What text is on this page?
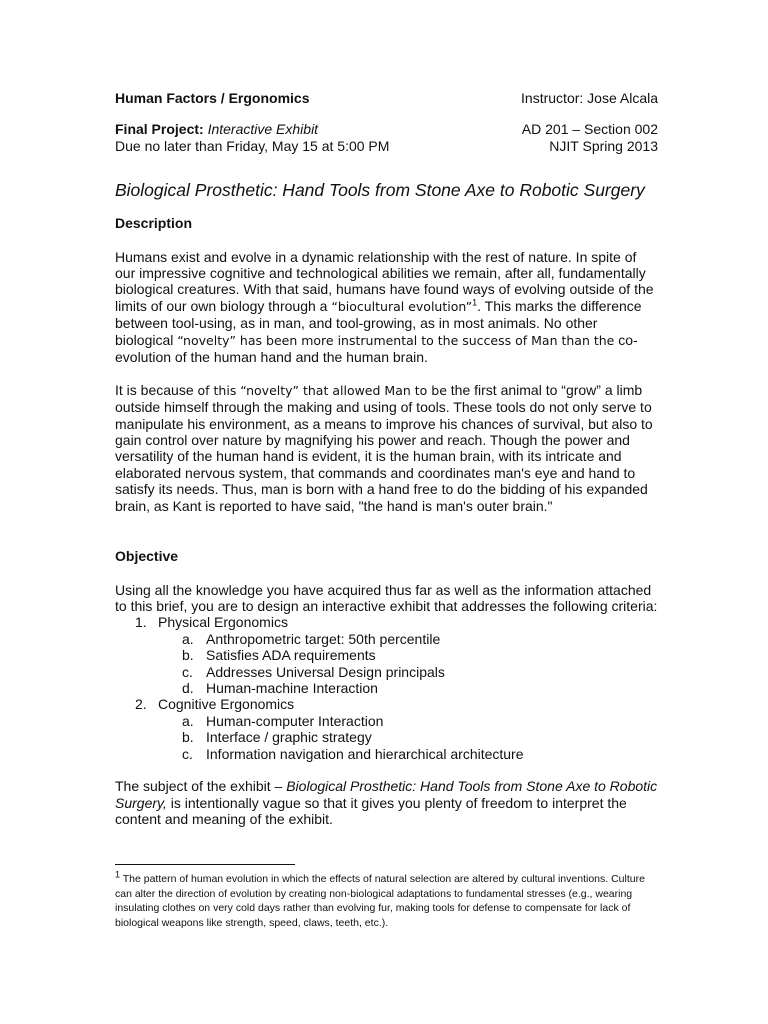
Human Factors / Ergonomics	Instructor: Jose Alcala
Final Project: Interactive Exhibit
Due no later than Friday, May 15 at 5:00 PM
AD 201 – Section 002
NJIT Spring 2013
Biological Prosthetic: Hand Tools from Stone Axe to Robotic Surgery
Description

Humans exist and evolve in a dynamic relationship with the rest of nature. In spite of our impressive cognitive and technological abilities we remain, after all, fundamentally biological creatures. With that said, humans have found ways of evolving outside of the limits of our own biology through a “biocultural evolution”$^1$. This marks the difference between tool-using, as in man, and tool-growing, as in most animals. No other biological “novelty” has been more instrumental to the success of Man than the co-evolution of the human hand and the human brain.

It is because of this “novelty” that allowed Man to be the first animal to “grow” a limb outside himself through the making and using of tools. These tools do not only serve to manipulate his environment, as a means to improve his chances of survival, but also to gain control over nature by magnifying his power and reach. Though the power and versatility of the human hand is evident, it is the human brain, with its intricate and elaborated nervous system, that commands and coordinates man's eye and hand to satisfy its needs. Thus, man is born with a hand free to do the bidding of his expanded brain, as Kant is reported to have said, "the hand is man's outer brain."

Objective
Using all the knowledge you have acquired thus far as well as the information attached to this brief, you are to design an interactive exhibit that addresses the following criteria:
1. Physical Ergonomics
a. Anthropometric target: 50th percentile
b. Satisfies ADA requirements
c. Addresses Universal Design principals
d. Human-machine Interaction
2. Cognitive Ergonomics
a. Human-computer Interaction
b. Interface / graphic strategy
c. Information navigation and hierarchical architecture

The subject of the exhibit – Biological Prosthetic: Hand Tools from Stone Axe to Robotic Surgery, is intentionally vague so that it gives you plenty of freedom to interpret the content and meaning of the exhibit.

$^1$ The pattern of human evolution in which the effects of natural selection are altered by cultural inventions. Culture can alter the direction of evolution by creating non-biological adaptations to fundamental stresses (e.g., wearing insulating clothes on very cold days rather than evolving fur, making tools for defense to compensate for lack of biological weapons like strength, speed, claws, teeth, etc.).
